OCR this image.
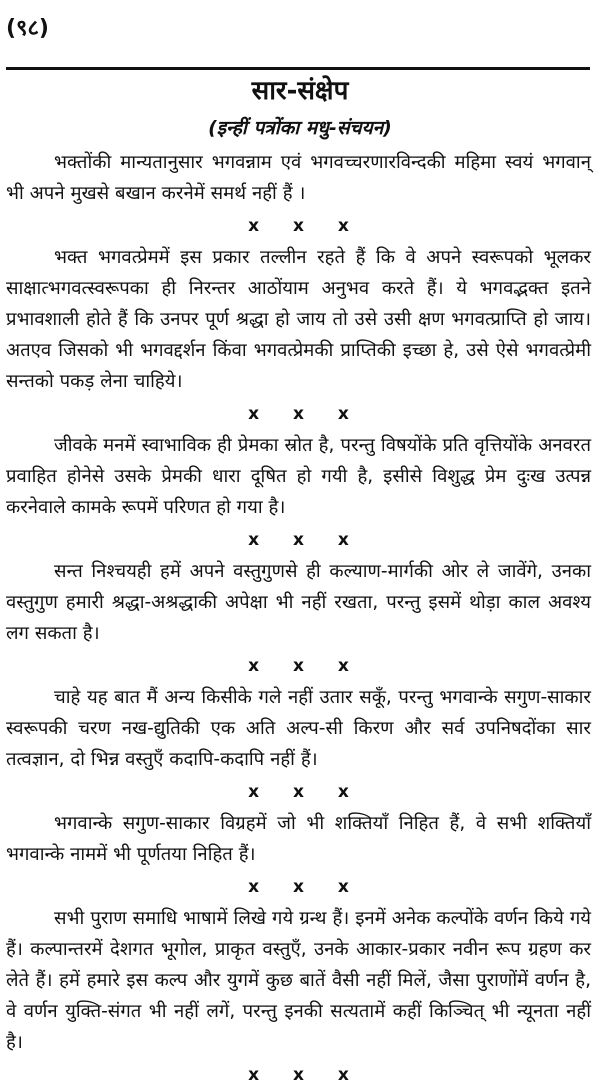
(९८)
सार-संक्षेप
(इन्हीं पत्रोंका मधु-संचयन)

भक्तोंकी मान्यतानुसार भगवन्नाम एवं भगवच्चरणारविन्दकी महिमा स्वयं भगवान् भी अपने मुखसे बखान करनेमें समर्थ नहीं हैं ।

x x x

भक्त भगवत्प्रेममें इस प्रकार तल्लीन रहते हैं कि वे अपने स्वरूपको भूलकर साक्षात्भगवत्स्वरूपका ही निरन्तर आठोंयाम अनुभव करते हैं। ये भगवद्भक्त इतने प्रभावशाली होते हैं कि उनपर पूर्ण श्रद्धा हो जाय तो उसे उसी क्षण भगवत्प्राप्ति हो जाय। अतएव जिसको भी भगवद्दर्शन किंवा भगवत्प्रेमकी प्राप्तिकी इच्छा हे, उसे ऐसे भगवत्प्रेमी सन्तको पकड़ लेना चाहिये।

x x x

जीवके मनमें स्वाभाविक ही प्रेमका स्रोत है, परन्तु विषयोंके प्रति वृत्तियोंके अनवरत प्रवाहित होनेसे उसके प्रेमकी धारा दूषित हो गयी है, इसीसे विशुद्ध प्रेम दुःख उत्पन्न करनेवाले कामके रूपमें परिणत हो गया है।

x x x

सन्त निश्चयही हमें अपने वस्तुगुणसे ही कल्याण-मार्गकी ओर ले जावेंगे, उनका वस्तुगुण हमारी श्रद्धा-अश्रद्धाकी अपेक्षा भी नहीं रखता, परन्तु इसमें थोड़ा काल अवश्य लग सकता है।

x x x

चाहे यह बात मैं अन्य किसीके गले नहीं उतार सकूँ, परन्तु भगवान्के सगुण-साकार स्वरूपकी चरण नख-द्युतिकी एक अति अल्प-सी किरण और सर्व उपनिषदोंका सार तत्वज्ञान, दो भिन्न वस्तुएँ कदापि-कदापि नहीं हैं।

x x x

भगवान्के सगुण-साकार विग्रहमें जो भी शक्तियाँ निहित हैं, वे सभी शक्तियाँ भगवान्के नाममें भी पूर्णतया निहित हैं।

x x x

सभी पुराण समाधि भाषामें लिखे गये ग्रन्थ हैं। इनमें अनेक कल्पोंके वर्णन किये गये हैं। कल्पान्तरमें देशगत भूगोल, प्राकृत वस्तुएँ, उनके आकार-प्रकार नवीन रूप ग्रहण कर लेते हैं। हमें हमारे इस कल्प और युगमें कुछ बातें वैसी नहीं मिलें, जैसा पुराणोंमें वर्णन है, वे वर्णन युक्ति-संगत भी नहीं लगें, परन्तु इनकी सत्यतामें कहीं किञ्चित् भी न्यूनता नहीं है।

x x x
